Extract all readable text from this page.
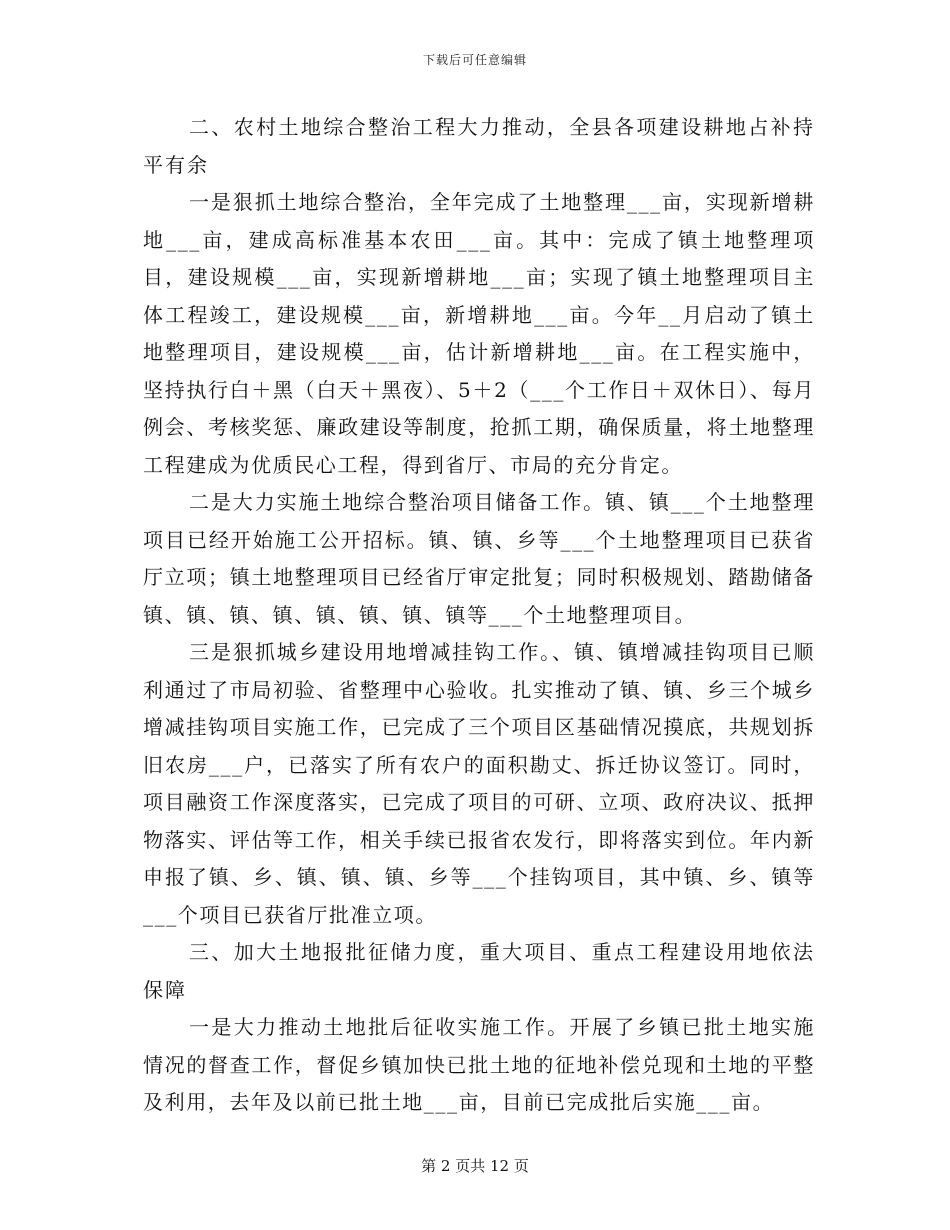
下载后可任意编辑

二、农村土地综合整治工程大力推动，全县各项建设耕地占补持平有余

一是狠抓土地综合整治，全年完成了土地整理___亩，实现新增耕地___亩，建成高标准基本农田___亩。其中：完成了镇土地整理项目，建设规模___亩，实现新增耕地___亩；实现了镇土地整理项目主体工程竣工，建设规模___亩，新增耕地___亩。今年__月启动了镇土地整理项目，建设规模___亩，估计新增耕地___亩。在工程实施中，坚持执行白＋黑（白天＋黑夜）、5＋2（___个工作日＋双休日）、每月例会、考核奖惩、廉政建设等制度，抢抓工期，确保质量，将土地整理工程建成为优质民心工程，得到省厅、市局的充分肯定。

二是大力实施土地综合整治项目储备工作。镇、镇___个土地整理项目已经开始施工公开招标。镇、镇、乡等___个土地整理项目已获省厅立项；镇土地整理项目已经省厅审定批复；同时积极规划、踏勘储备镇、镇、镇、镇、镇、镇、镇、镇等___个土地整理项目。

三是狠抓城乡建设用地增减挂钩工作。、镇、镇增减挂钩项目已顺利通过了市局初验、省整理中心验收。扎实推动了镇、镇、乡三个城乡增减挂钩项目实施工作，已完成了三个项目区基础情况摸底，共规划拆旧农房___户，已落实了所有农户的面积勘丈、拆迁协议签订。同时，项目融资工作深度落实，已完成了项目的可研、立项、政府决议、抵押物落实、评估等工作，相关手续已报省农发行，即将落实到位。年内新申报了镇、乡、镇、镇、镇、乡等___个挂钩项目，其中镇、乡、镇等___个项目已获省厅批准立项。

三、加大土地报批征储力度，重大项目、重点工程建设用地依法保障

一是大力推动土地批后征收实施工作。开展了乡镇已批土地实施情况的督查工作，督促乡镇加快已批土地的征地补偿兑现和土地的平整及利用，去年及以前已批土地___亩，目前已完成批后实施___亩。

第 2 页共 12 页
